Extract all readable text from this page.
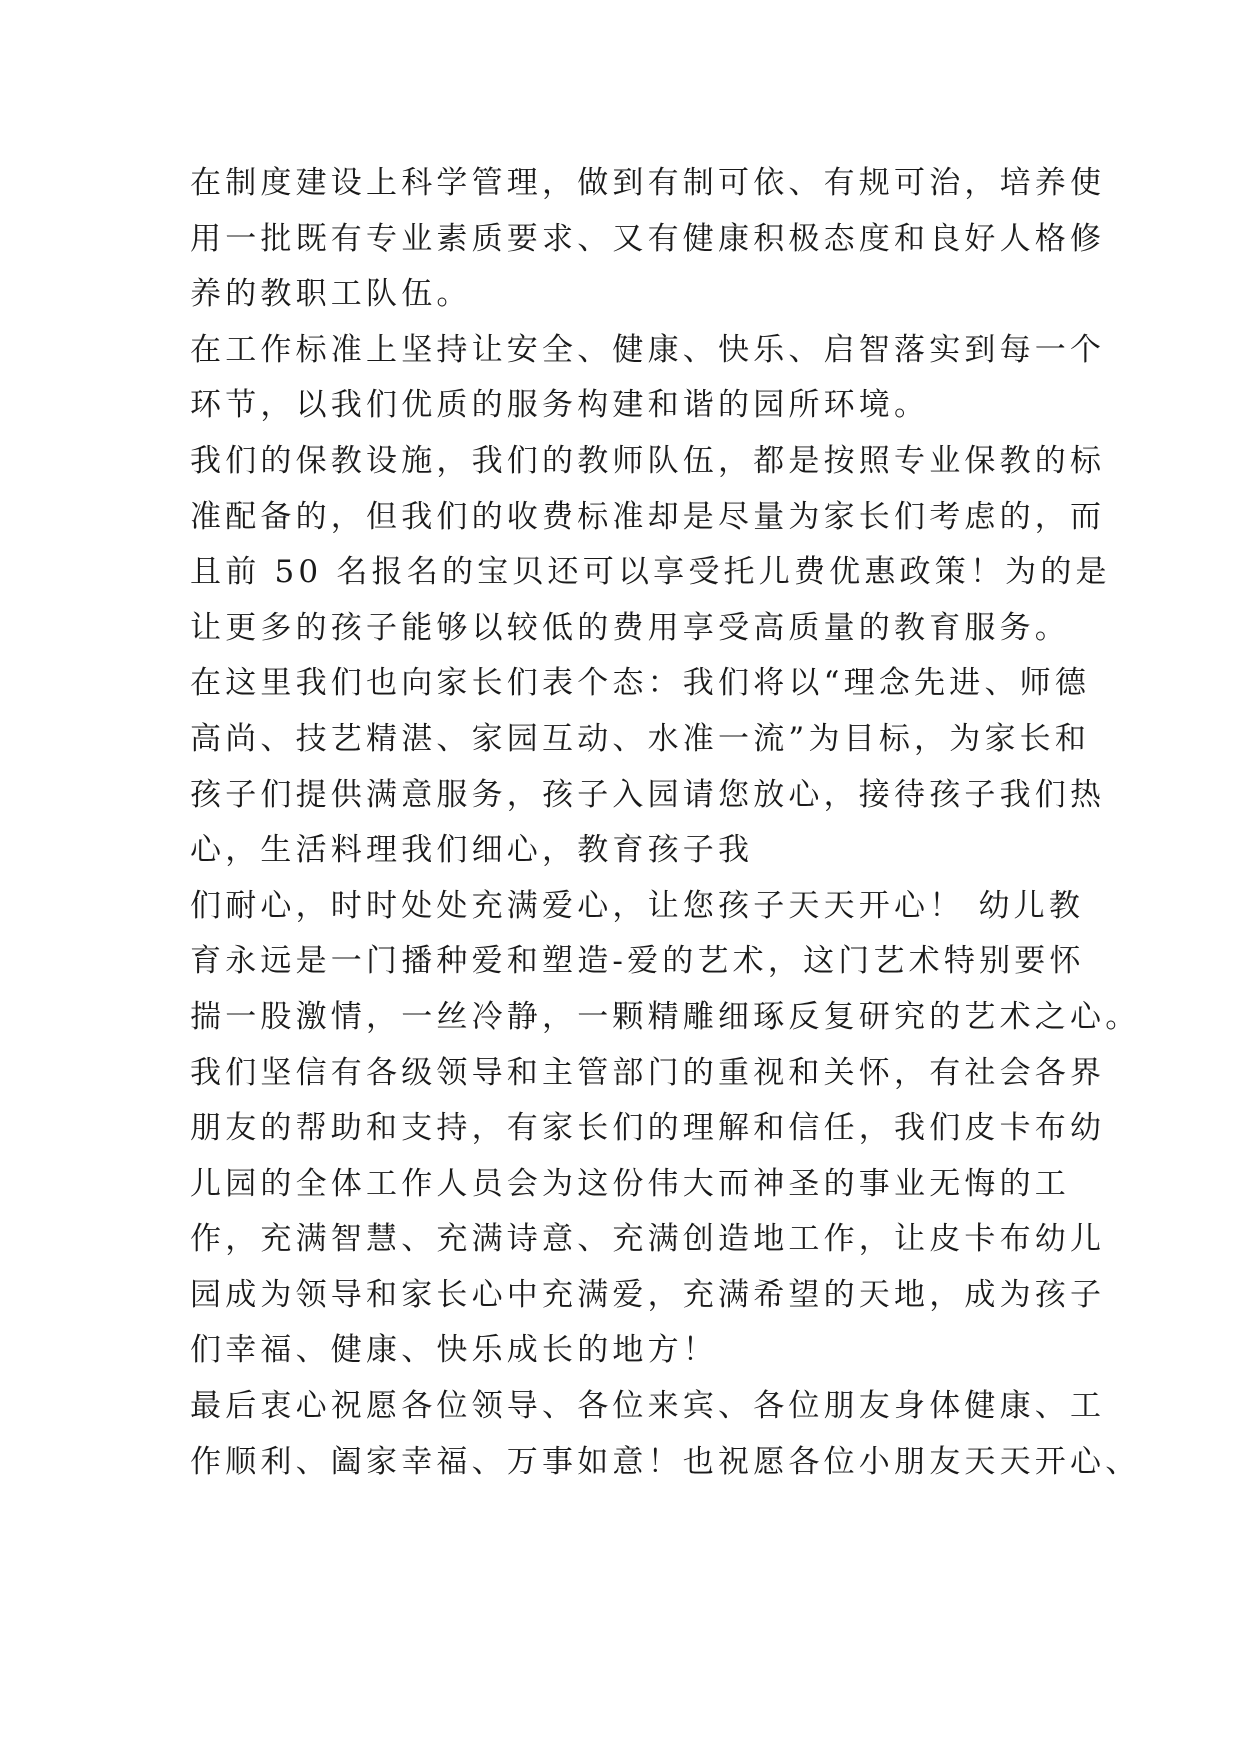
在制度建设上科学管理，做到有制可依、有规可治，培养使
用一批既有专业素质要求、又有健康积极态度和良好人格修
养的教职工队伍。
在工作标准上坚持让安全、健康、快乐、启智落实到每一个
环节，以我们优质的服务构建和谐的园所环境。
我们的保教设施，我们的教师队伍，都是按照专业保教的标
准配备的，但我们的收费标准却是尽量为家长们考虑的，而
且前 50 名报名的宝贝还可以享受托儿费优惠政策！为的是
让更多的孩子能够以较低的费用享受高质量的教育服务。
在这里我们也向家长们表个态：我们将以“理念先进、师德
高尚、技艺精湛、家园互动、水准一流”为目标，为家长和
孩子们提供满意服务，孩子入园请您放心，接待孩子我们热
心，生活料理我们细心，教育孩子我
们耐心，时时处处充满爱心，让您孩子天天开心！ 幼儿教
育永远是一门播种爱和塑造-爱的艺术，这门艺术特别要怀
揣一股激情，一丝冷静，一颗精雕细琢反复研究的艺术之心。
我们坚信有各级领导和主管部门的重视和关怀，有社会各界
朋友的帮助和支持，有家长们的理解和信任，我们皮卡布幼
儿园的全体工作人员会为这份伟大而神圣的事业无悔的工
作，充满智慧、充满诗意、充满创造地工作，让皮卡布幼儿
园成为领导和家长心中充满爱，充满希望的天地，成为孩子
们幸福、健康、快乐成长的地方！
最后衷心祝愿各位领导、各位来宾、各位朋友身体健康、工
作顺利、阖家幸福、万事如意！也祝愿各位小朋友天天开心、
